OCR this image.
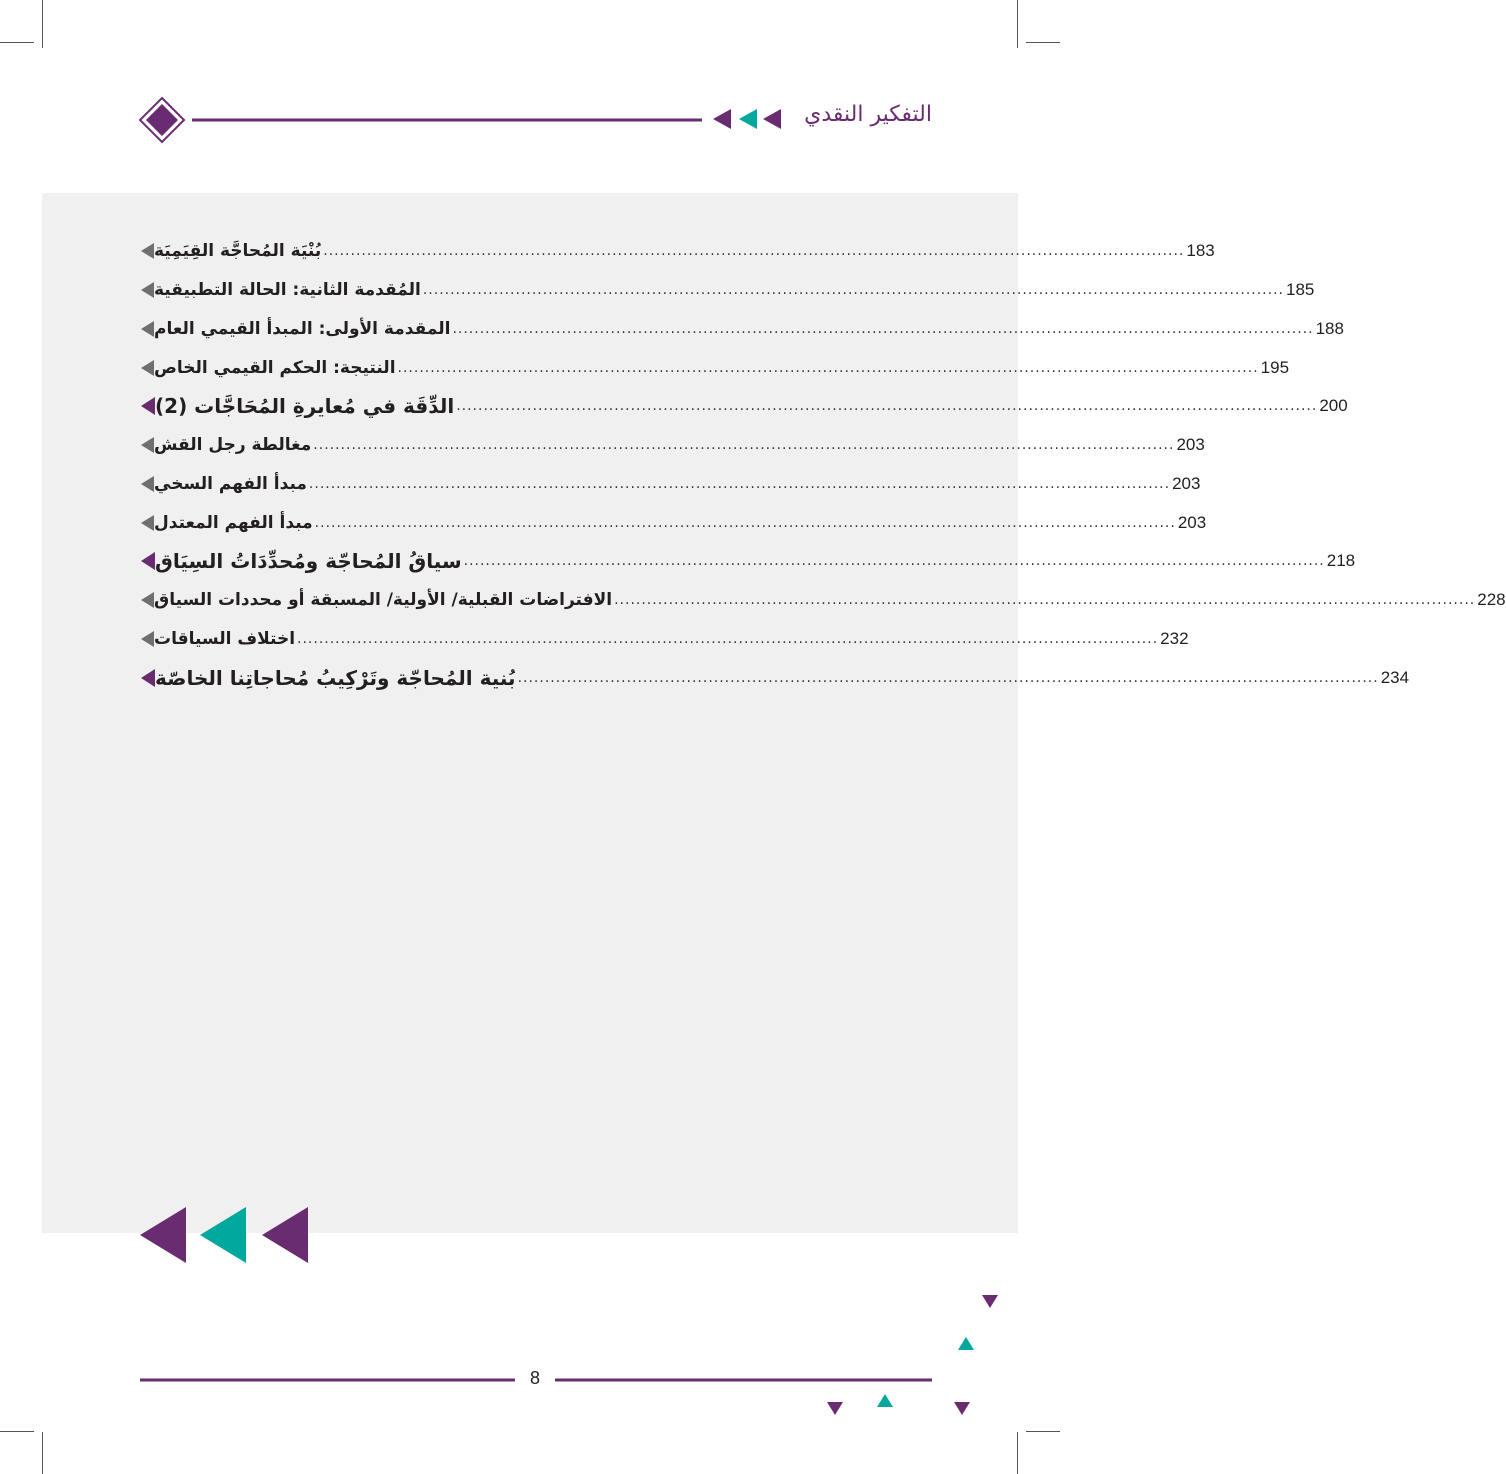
التفكير النقدي
بُنْيَة المُحاجَّة القِيَمِيَة .............................................................................................................................................................. 183
المُقدمة الثانية: الحالة التطبيقية .............................................................................................................................................................. 185
المقدمة الأولى: المبدأ القيمي العام .............................................................................................................................................................. 188
النتيجة: الحكم القيمي الخاص .............................................................................................................................................................. 195
الدِّقَة في مُعايرةِ المُحَاجَّات (2) .............................................................................................................................................................. 200
مغالطة رجل القش .............................................................................................................................................................. 203
مبدأ الفهم السخي .............................................................................................................................................................. 203
مبدأ الفهم المعتدل .............................................................................................................................................................. 203
سياقُ المُحاجّة ومُحدِّدَاتُ السِيَاق .............................................................................................................................................................. 218
الافتراضات القبلية/ الأولية/ المسبقة أو محددات السياق .............................................................................................................................................................. 228
اختلاف السياقات .............................................................................................................................................................. 232
بُنية المُحاجّة وتَرْكِيبُ مُحاجاتِنا الخاصّة .............................................................................................................................................................. 234
8
